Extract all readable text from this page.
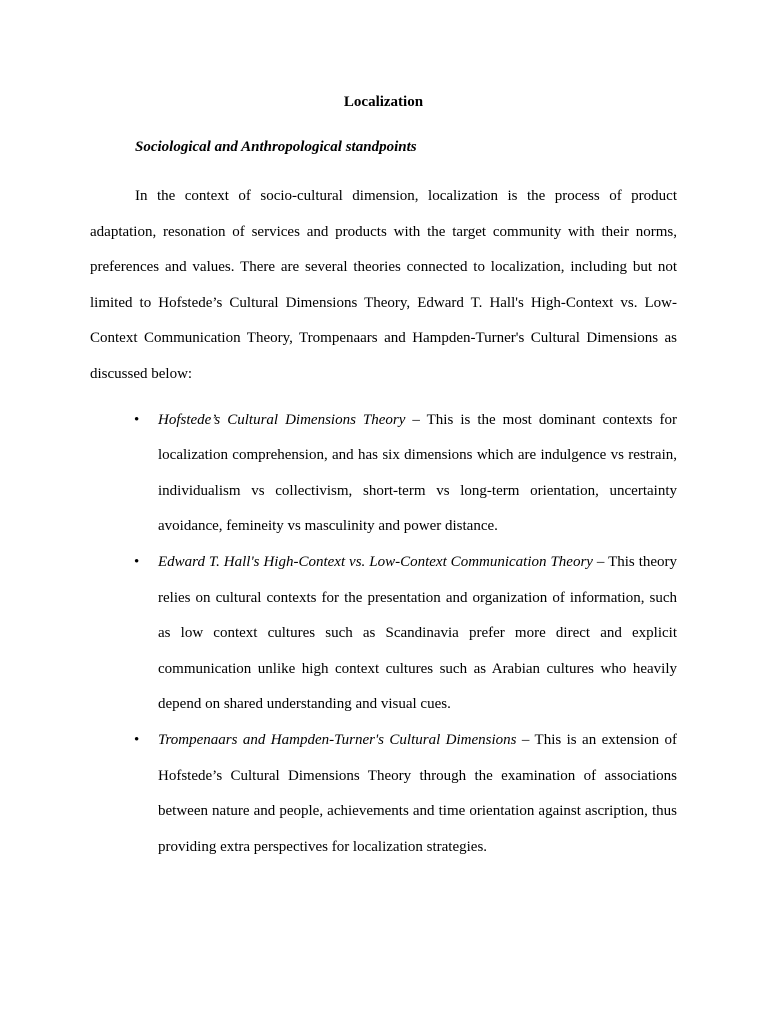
Localization
Sociological and Anthropological standpoints

In the context of socio-cultural dimension, localization is the process of product adaptation, resonation of services and products with the target community with their norms, preferences and values. There are several theories connected to localization, including but not limited to Hofstede’s Cultural Dimensions Theory, Edward T. Hall's High-Context vs. Low-Context Communication Theory, Trompenaars and Hampden-Turner's Cultural Dimensions as discussed below:

• Hofstede’s Cultural Dimensions Theory – This is the most dominant contexts for localization comprehension, and has six dimensions which are indulgence vs restrain, individualism vs collectivism, short-term vs long-term orientation, uncertainty avoidance, femineity vs masculinity and power distance.
• Edward T. Hall's High-Context vs. Low-Context Communication Theory – This theory relies on cultural contexts for the presentation and organization of information, such as low context cultures such as Scandinavia prefer more direct and explicit communication unlike high context cultures such as Arabian cultures who heavily depend on shared understanding and visual cues.
• Trompenaars and Hampden-Turner's Cultural Dimensions – This is an extension of Hofstede’s Cultural Dimensions Theory through the examination of associations between nature and people, achievements and time orientation against ascription, thus providing extra perspectives for localization strategies.
